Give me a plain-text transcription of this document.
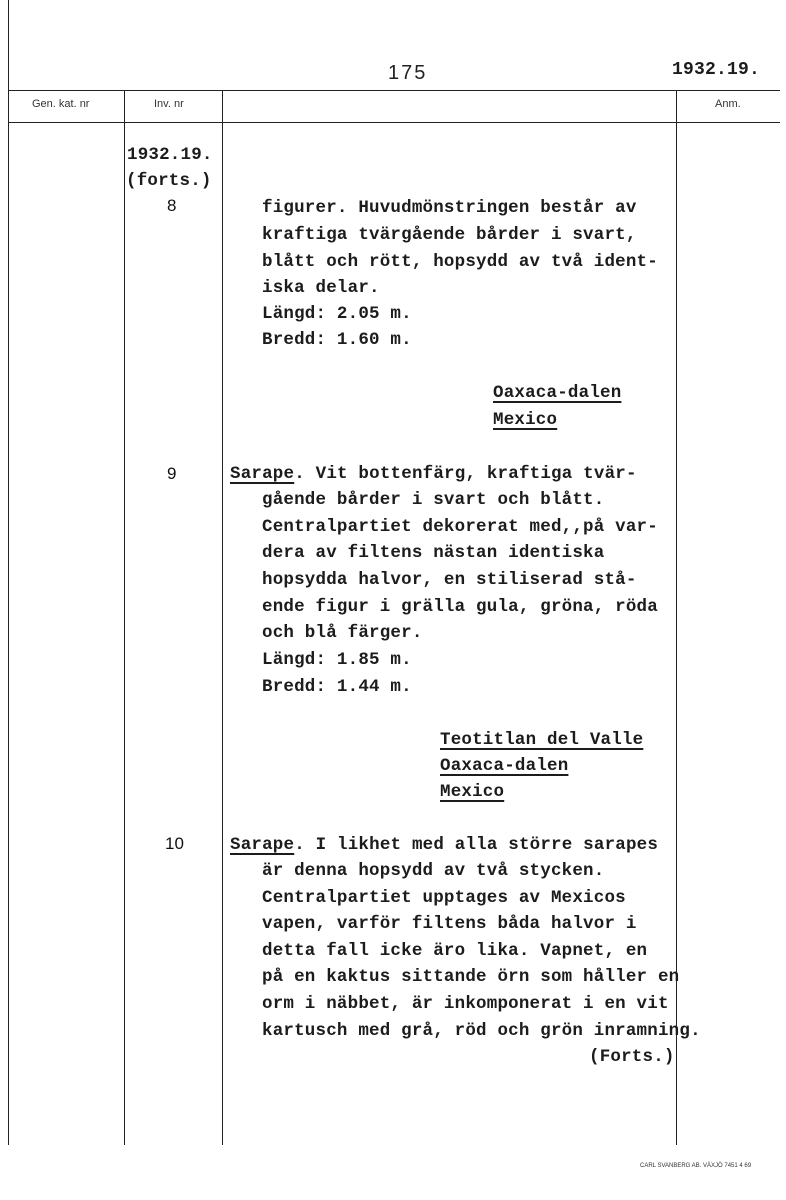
175	1932.19.
Gen. kat. nr	Inv. nr	Anm.
1932.19.
(forts.)
8	figurer. Huvudmönstringen består av
kraftiga tvärgående bårder i svart,
blått och rött, hopsydd av två ident-
iska delar.
Längd: 2.05 m.
Bredd: 1.60 m.
Oaxaca-dalen
Mexico
9	Sarape. Vit bottenfärg, kraftiga tvär-
gående bårder i svart och blått.
Centralpartiet dekorerat med,,på var-
dera av filtens nästan identiska
hopsydda halvor, en stiliserad stå-
ende figur i grälla gula, gröna, röda
och blå färger.
Längd: 1.85 m.
Bredd: 1.44 m.
Teotitlan del Valle
Oaxaca-dalen
Mexico
10	Sarape. I likhet med alla större sarapes
är denna hopsydd av två stycken.
Centralpartiet upptages av Mexicos
vapen, varför filtens båda halvor i
detta fall icke äro lika. Vapnet, en
på en kaktus sittande örn som håller en
orm i näbbet, är inkomponerat i en vit
kartusch med grå, röd och grön inramning.
(Forts.)
CARL SVANBERG AB. VÄXJÖ 7451 4 69
